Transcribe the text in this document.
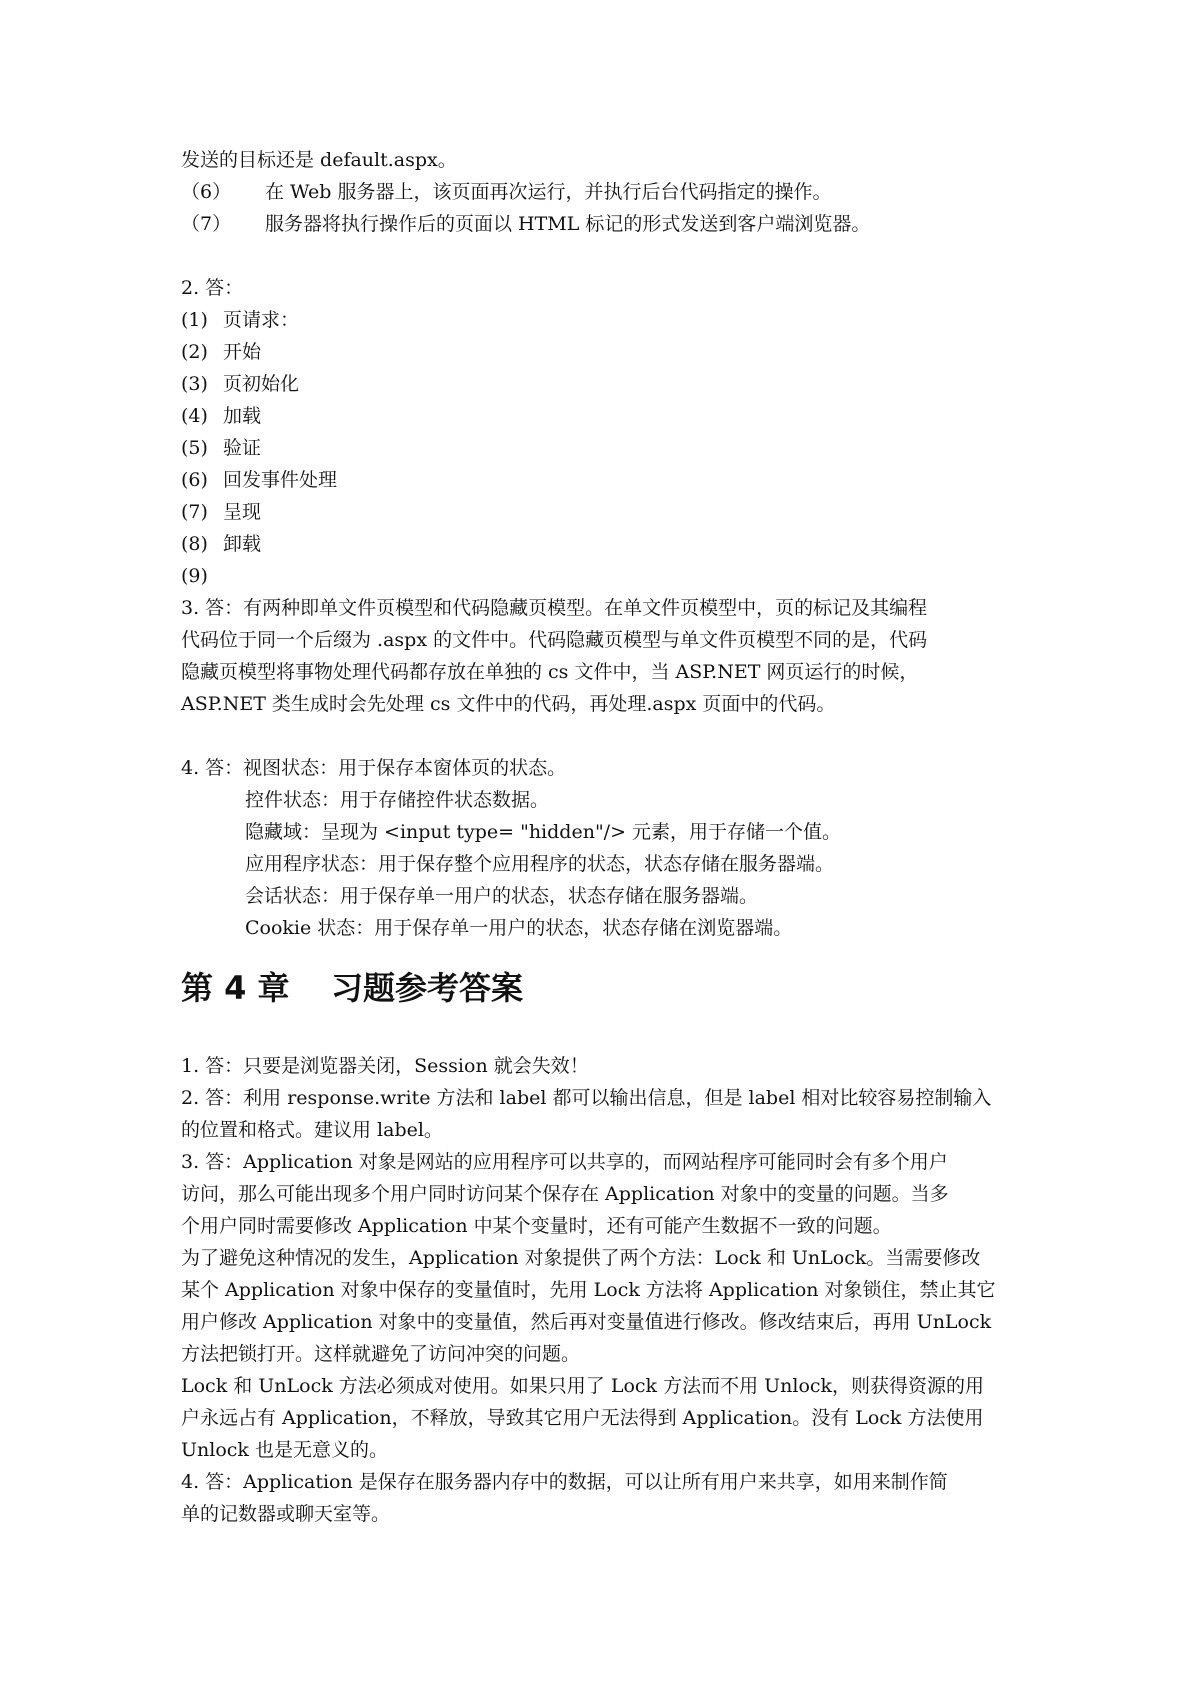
发送的目标还是 default.aspx。
（6）	在 Web 服务器上，该页面再次运行，并执行后台代码指定的操作。
（7）	服务器将执行操作后的页面以 HTML 标记的形式发送到客户端浏览器。
2. 答：
(1) 页请求：
(2) 开始
(3) 页初始化
(4) 加载
(5) 验证
(6) 回发事件处理
(7) 呈现
(8) 卸载
(9)
3. 答：有两种即单文件页模型和代码隐藏页模型。在单文件页模型中，页的标记及其编程
代码位于同一个后缀为 .aspx 的文件中。代码隐藏页模型与单文件页模型不同的是，代码
隐藏页模型将事物处理代码都存放在单独的 cs 文件中，当 ASP.NET 网页运行的时候，
ASP.NET 类生成时会先处理 cs 文件中的代码，再处理.aspx 页面中的代码。
4. 答：视图状态：用于保存本窗体页的状态。
控件状态：用于存储控件状态数据。
隐藏域：呈现为 <input type= "hidden"/> 元素，用于存储一个值。
应用程序状态：用于保存整个应用程序的状态，状态存储在服务器端。
会话状态：用于保存单一用户的状态，状态存储在服务器端。
Cookie 状态：用于保存单一用户的状态，状态存储在浏览器端。
第 4 章	习题参考答案
1. 答：只要是浏览器关闭，Session 就会失效！
2. 答：利用 response.write 方法和 label 都可以输出信息，但是 label 相对比较容易控制输入
的位置和格式。建议用 label。
3. 答：Application 对象是网站的应用程序可以共享的，而网站程序可能同时会有多个用户
访问，那么可能出现多个用户同时访问某个保存在 Application 对象中的变量的问题。当多
个用户同时需要修改 Application 中某个变量时，还有可能产生数据不一致的问题。
为了避免这种情况的发生，Application 对象提供了两个方法：Lock 和 UnLock。当需要修改
某个 Application 对象中保存的变量值时，先用 Lock 方法将 Application 对象锁住，禁止其它
用户修改 Application 对象中的变量值，然后再对变量值进行修改。修改结束后，再用 UnLock
方法把锁打开。这样就避免了访问冲突的问题。
Lock 和 UnLock 方法必须成对使用。如果只用了 Lock 方法而不用 Unlock，则获得资源的用
户永远占有 Application，不释放，导致其它用户无法得到 Application。没有 Lock 方法使用
Unlock 也是无意义的。
4. 答：Application 是保存在服务器内存中的数据，可以让所有用户来共享，如用来制作简
单的记数器或聊天室等。
